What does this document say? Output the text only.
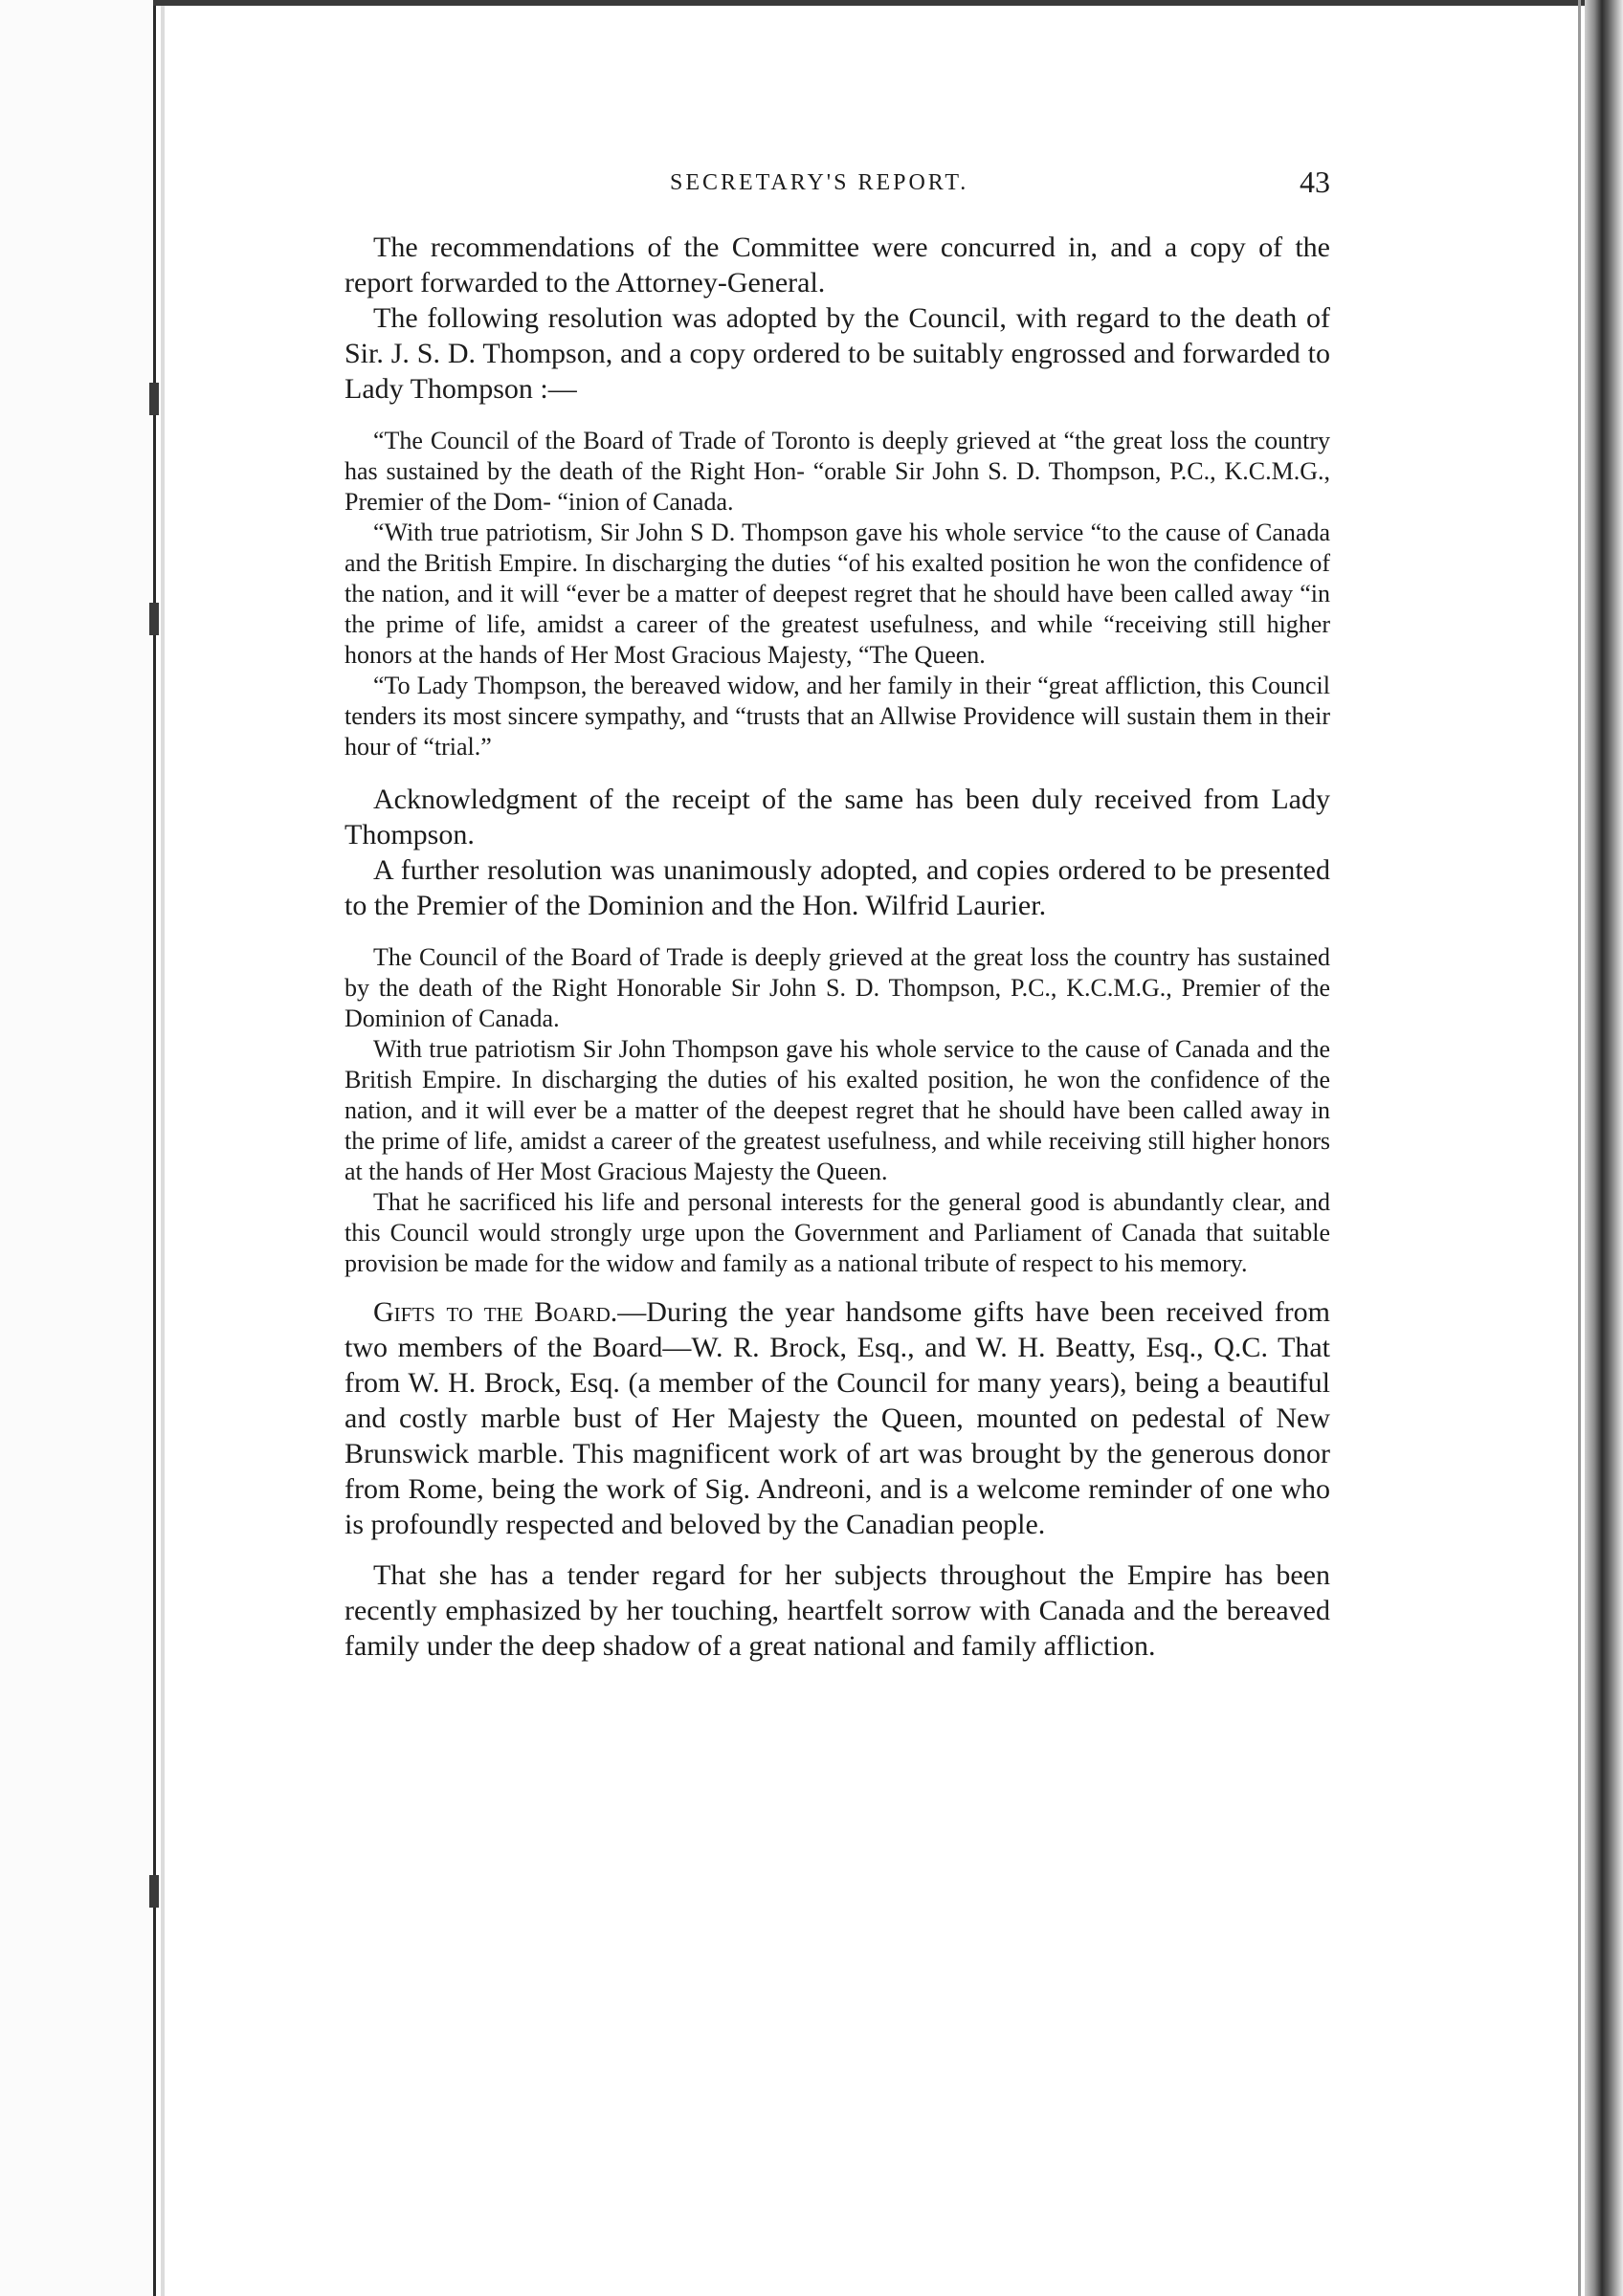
SECRETARY'S REPORT.	43

The recommendations of the Committee were concurred in, and a copy of the report forwarded to the Attorney-General.

The following resolution was adopted by the Council, with regard to the death of Sir. J. S. D. Thompson, and a copy ordered to be suitably engrossed and forwarded to Lady Thompson :—

“The Council of the Board of Trade of Toronto is deeply grieved at “the great loss the country has sustained by the death of the Right Hon- “orable Sir John S. D. Thompson, P.C., K.C.M.G., Premier of the Dom- “inion of Canada.

“With true patriotism, Sir John S D. Thompson gave his whole service “to the cause of Canada and the British Empire. In discharging the duties “of his exalted position he won the confidence of the nation, and it will “ever be a matter of deepest regret that he should have been called away “in the prime of life, amidst a career of the greatest usefulness, and while “receiving still higher honors at the hands of Her Most Gracious Majesty, “The Queen.

“To Lady Thompson, the bereaved widow, and her family in their “great affliction, this Council tenders its most sincere sympathy, and “trusts that an Allwise Providence will sustain them in their hour of “trial.”

Acknowledgment of the receipt of the same has been duly received from Lady Thompson.

A further resolution was unanimously adopted, and copies ordered to be presented to the Premier of the Dominion and the Hon. Wilfrid Laurier.

The Council of the Board of Trade is deeply grieved at the great loss the country has sustained by the death of the Right Honorable Sir John S. D. Thompson, P.C., K.C.M.G., Premier of the Dominion of Canada.

With true patriotism Sir John Thompson gave his whole service to the cause of Canada and the British Empire. In discharging the duties of his exalted position, he won the confidence of the nation, and it will ever be a matter of the deepest regret that he should have been called away in the prime of life, amidst a career of the greatest usefulness, and while receiving still higher honors at the hands of Her Most Gracious Majesty the Queen.

That he sacrificed his life and personal interests for the general good is abundantly clear, and this Council would strongly urge upon the Government and Parliament of Canada that suitable provision be made for the widow and family as a national tribute of respect to his memory.

Gifts to the Board.—During the year handsome gifts have been received from two members of the Board—W. R. Brock, Esq., and W. H. Beatty, Esq., Q.C. That from W. H. Brock, Esq. (a member of the Council for many years), being a beautiful and costly marble bust of Her Majesty the Queen, mounted on pedestal of New Brunswick marble. This magnificent work of art was brought by the generous donor from Rome, being the work of Sig. Andreoni, and is a welcome reminder of one who is profoundly respected and beloved by the Canadian people.

That she has a tender regard for her subjects throughout the Empire has been recently emphasized by her touching, heartfelt sorrow with Canada and the bereaved family under the deep shadow of a great national and family affliction.
